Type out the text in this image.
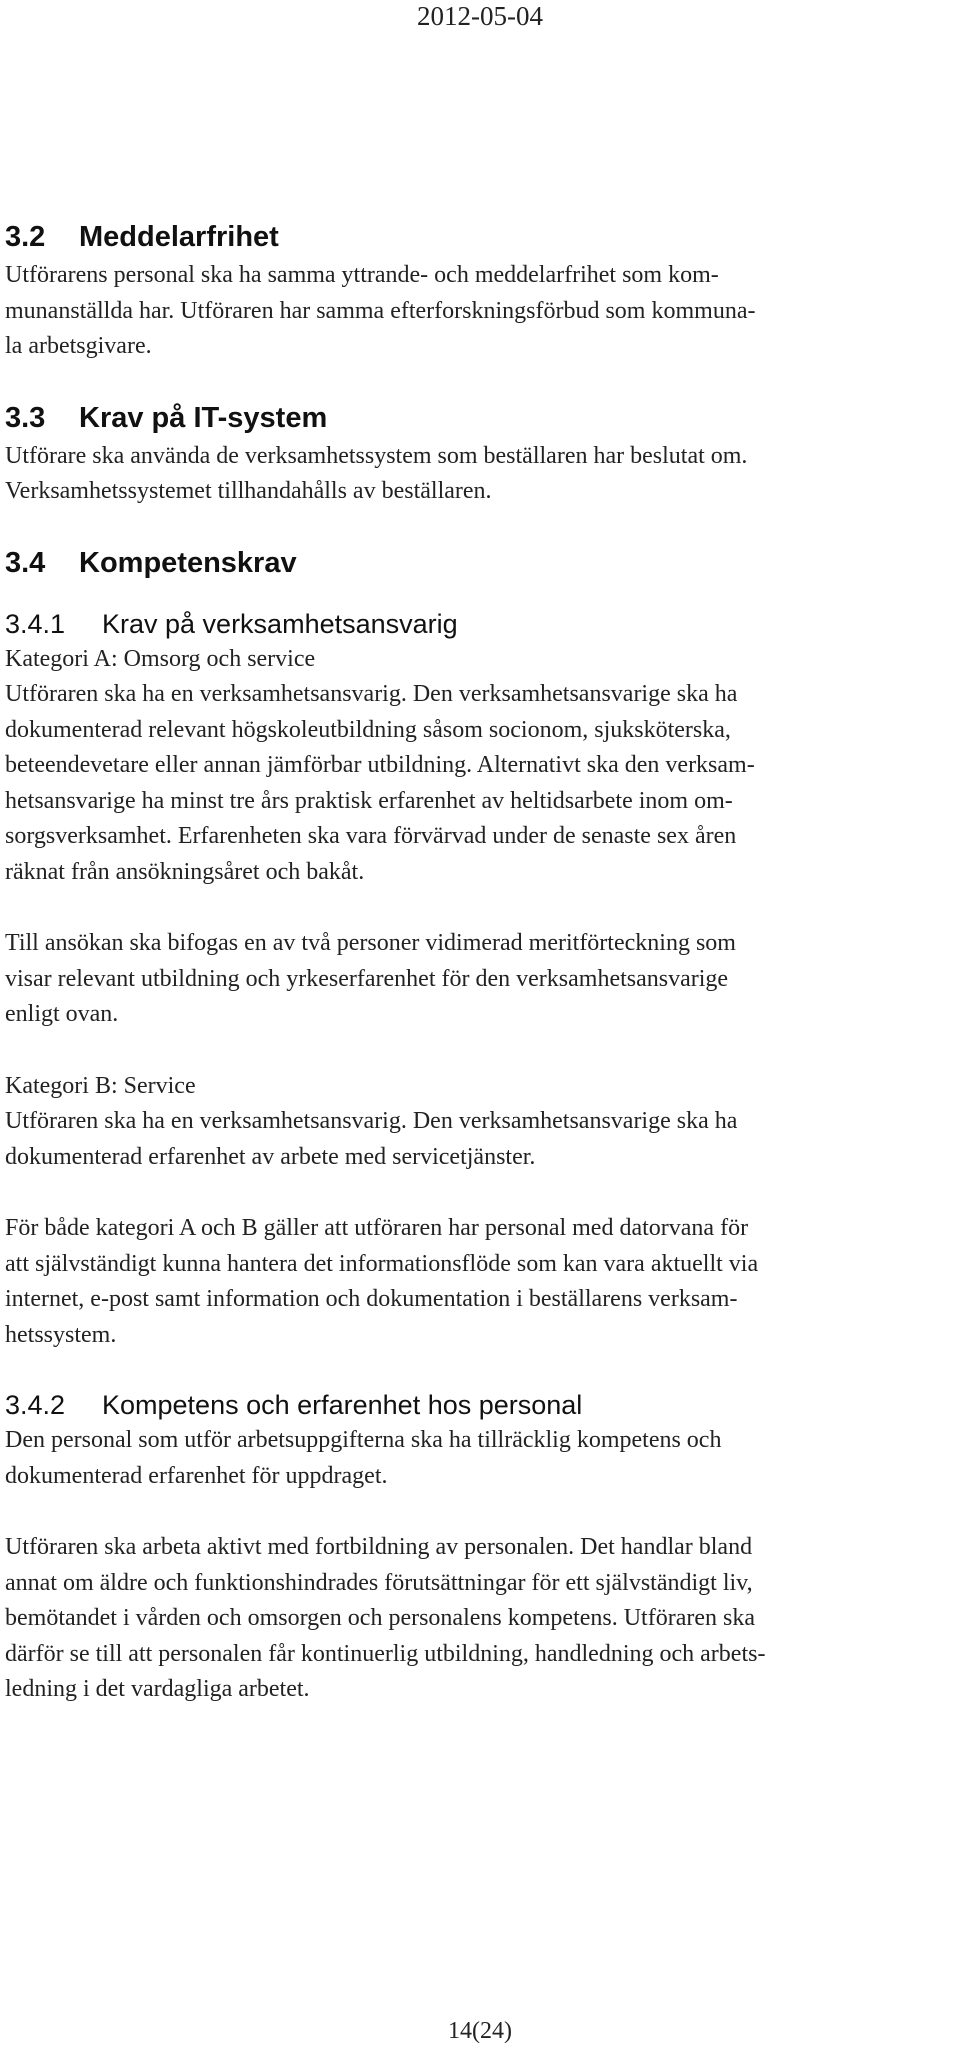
2012-05-04
3.2 Meddelarfrihet

Utförarens personal ska ha samma yttrande- och meddelarfrihet som kom-
munanställda har. Utföraren har samma efterforskningsförbud som kommuna-
la arbetsgivare.

3.3 Krav på IT-system

Utförare ska använda de verksamhetssystem som beställaren har beslutat om.
Verksamhetssystemet tillhandahålls av beställaren.

3.4 Kompetenskrav
3.4.1 Krav på verksamhetsansvarig

Kategori A: Omsorg och service

Utföraren ska ha en verksamhetsansvarig. Den verksamhetsansvarige ska ha
dokumenterad relevant högskoleutbildning såsom socionom, sjuksköterska,
beteendevetare eller annan jämförbar utbildning. Alternativt ska den verksam-
hetsansvarige ha minst tre års praktisk erfarenhet av heltidsarbete inom om-
sorgsverksamhet. Erfarenheten ska vara förvärvad under de senaste sex åren
räknat från ansökningsåret och bakåt.

Till ansökan ska bifogas en av två personer vidimerad meritförteckning som
visar relevant utbildning och yrkeserfarenhet för den verksamhetsansvarige
enligt ovan.

Kategori B: Service

Utföraren ska ha en verksamhetsansvarig. Den verksamhetsansvarige ska ha
dokumenterad erfarenhet av arbete med servicetjänster.

För både kategori A och B gäller att utföraren har personal med datorvana för
att självständigt kunna hantera det informationsflöde som kan vara aktuellt via
internet, e-post samt information och dokumentation i beställarens verksam-
hetssystem.

3.4.2 Kompetens och erfarenhet hos personal

Den personal som utför arbetsuppgifterna ska ha tillräcklig kompetens och
dokumenterad erfarenhet för uppdraget.

Utföraren ska arbeta aktivt med fortbildning av personalen. Det handlar bland
annat om äldre och funktionshindrades förutsättningar för ett självständigt liv,
bemötandet i vården och omsorgen och personalens kompetens. Utföraren ska
därför se till att personalen får kontinuerlig utbildning, handledning och arbets-
ledning i det vardagliga arbetet.

14(24)
